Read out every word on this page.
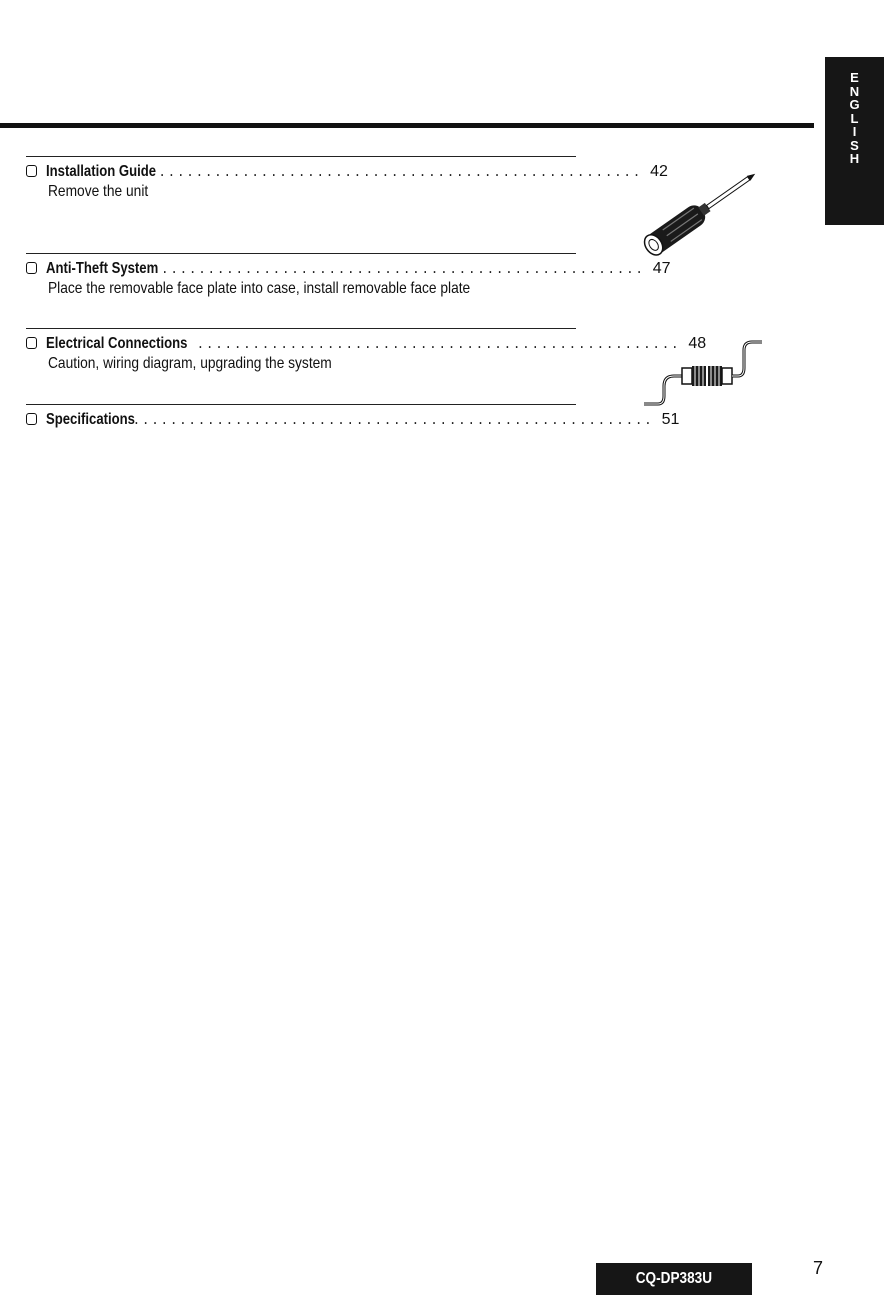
E
N
G
L
I
S
H
Installation Guide .................................................... 42
Remove the unit
Anti-Theft System .................................................... 47
Place the removable face plate into case, install removable face plate
Electrical Connections .................................................... 48
Caution, wiring diagram, upgrading the system
Specifications
........................................................ 51
CQ-DP383U
7
